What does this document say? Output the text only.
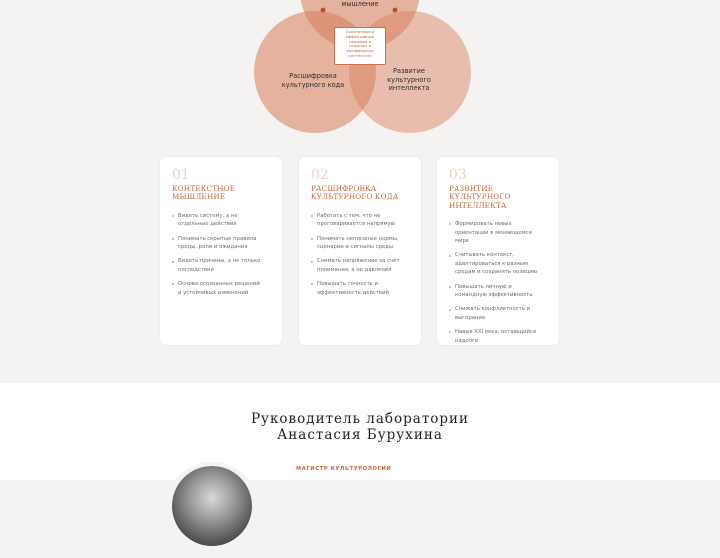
мышление
Расшифровка
культурного кода
Развитие
культурного
интеллекта
Осознанные и
эффективные
решения в
сложных и
меняющихся
контекстах
01
КОНТЕКСТНОЕ
МЫШЛЕНИЕ
Видеть систему, а не
отдельные действия
Понимать скрытые правила
среды, роли и ожидания
Видеть причины, а не только
последствия
Основа осознанных решений
и устойчивых изменений
02
РАСШИФРОВКА
КУЛЬТУРНОГО КОДА
Работать с тем, что не
проговаривается напрямую
Понимать неписаные нормы,
сценарии и сигналы среды
Снимать напряжение за счёт
понимания, а не давления
Повышать точность и
эффективность действий
03
РАЗВИТИЕ КУЛЬТУРНОГО
ИНТЕЛЛЕКТА
Формировать новых
ориентации в меняющемся
мире
Считывать контекст,
адаптироваться к разным
средам и сохранять позицию
Повышать личную и
командную эффективность
Снижать конфликтность и
выгорание
Навык XXI века, остающийся
надолго
Руководитель лаборатории
Анастасия Бурухина
МАГИСТР КУЛЬТУРОЛОГИИ
